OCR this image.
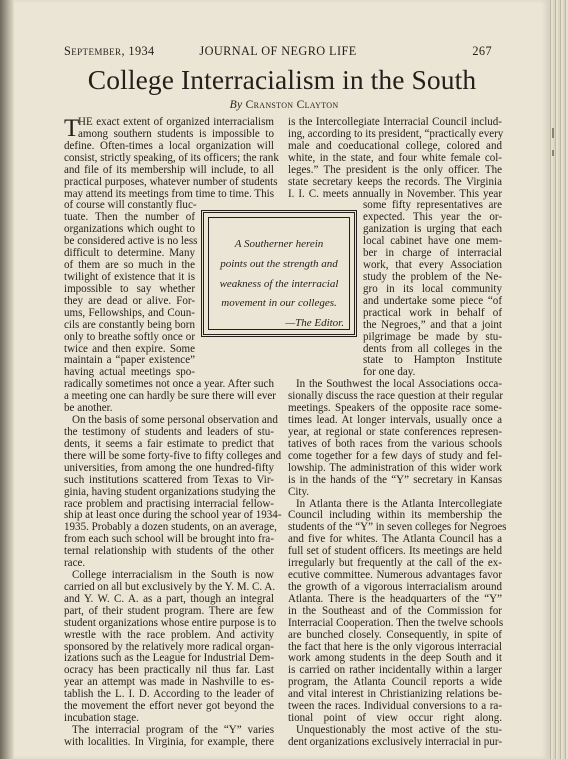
September, 1934	JOURNAL OF NEGRO LIFE	267
College Interracialism in the South
By Cranston Clayton
T
HE exact extent of organized interracialism
among southern students is impossible to
define. Often-times a local organization will
consist, strictly speaking, of its officers; the rank
and file of its membership will include, to all
practical purposes, whatever number of students
may attend its meetings from time to time. This
of course will constantly fluc-
tuate. Then the number of
organizations which ought to
be considered active is no less
difficult to determine. Many
of them are so much in the
twilight of existence that it is
impossible to say whether
they are dead or alive. For-
ums, Fellowships, and Coun-
cils are constantly being born
only to breathe softly once or
twice and then expire. Some
maintain a “paper existence”
having actual meetings spo-
radically sometimes not once a year. After such
a meeting one can hardly be sure there will ever
be another.
On the basis of some personal observation and
the testimony of students and leaders of stu-
dents, it seems a fair estimate to predict that
there will be some forty-five to fifty colleges and
universities, from among the one hundred-fifty
such institutions scattered from Texas to Vir-
ginia, having student organizations studying the
race problem and practising interracial fellow-
ship at least once during the school year of 1934-
1935. Probably a dozen students, on an average,
from each such school will be brought into fra-
ternal relationship with students of the other
race.
College interracialism in the South is now
carried on all but exclusively by the Y. M. C. A.
and Y. W. C. A. as a part, though an integral
part, of their student program. There are few
student organizations whose entire purpose is to
wrestle with the race problem. And activity
sponsored by the relatively more radical organ-
izations such as the League for Industrial Dem-
ocracy has been practically nil thus far. Last
year an attempt was made in Nashville to es-
tablish the L. I. D. According to the leader of
the movement the effort never got beyond the
incubation stage.
The interracial program of the “Y” varies
with localities. In Virginia, for example, there
is the Intercollegiate Interracial Council includ-
ing, according to its president, “practically every
male and coeducational college, colored and
white, in the state, and four white female col-
leges.” The president is the only officer. The
state secretary keeps the records. The Virginia
I. I. C. meets annually in November. This year
some fifty representatives are
expected. This year the or-
ganization is urging that each
local cabinet have one mem-
ber in charge of interracial
work, that every Association
study the problem of the Ne-
gro in its local community
and undertake some piece “of
practical work in behalf of
the Negroes,” and that a joint
pilgrimage be made by stu-
dents from all colleges in the
state to Hampton Institute
for one day.
In the Southwest the local Associations occa-
sionally discuss the race question at their regular
meetings. Speakers of the opposite race some-
times lead. At longer intervals, usually once a
year, at regional or state conferences represen-
tatives of both races from the various schools
come together for a few days of study and fel-
lowship. The administration of this wider work
is in the hands of the “Y” secretary in Kansas
City.
In Atlanta there is the Atlanta Intercollegiate
Council including within its membership the
students of the “Y” in seven colleges for Negroes
and five for whites. The Atlanta Council has a
full set of student officers. Its meetings are held
irregularly but frequently at the call of the ex-
ecutive committee. Numerous advantages favor
the growth of a vigorous interracialism around
Atlanta. There is the headquarters of the “Y”
in the Southeast and of the Commission for
Interracial Cooperation. Then the twelve schools
are bunched closely. Consequently, in spite of
the fact that here is the only vigorous interracial
work among students in the deep South and it
is carried on rather incidentally within a larger
program, the Atlanta Council reports a wide
and vital interest in Christianizing relations be-
tween the races. Individual conversions to a ra-
tional point of view occur right along.
Unquestionably the most active of the stu-
dent organizations exclusively interracial in pur-
A Southerner herein
points out the strength and
weakness of the interracial
movement in our colleges.
—The Editor.
